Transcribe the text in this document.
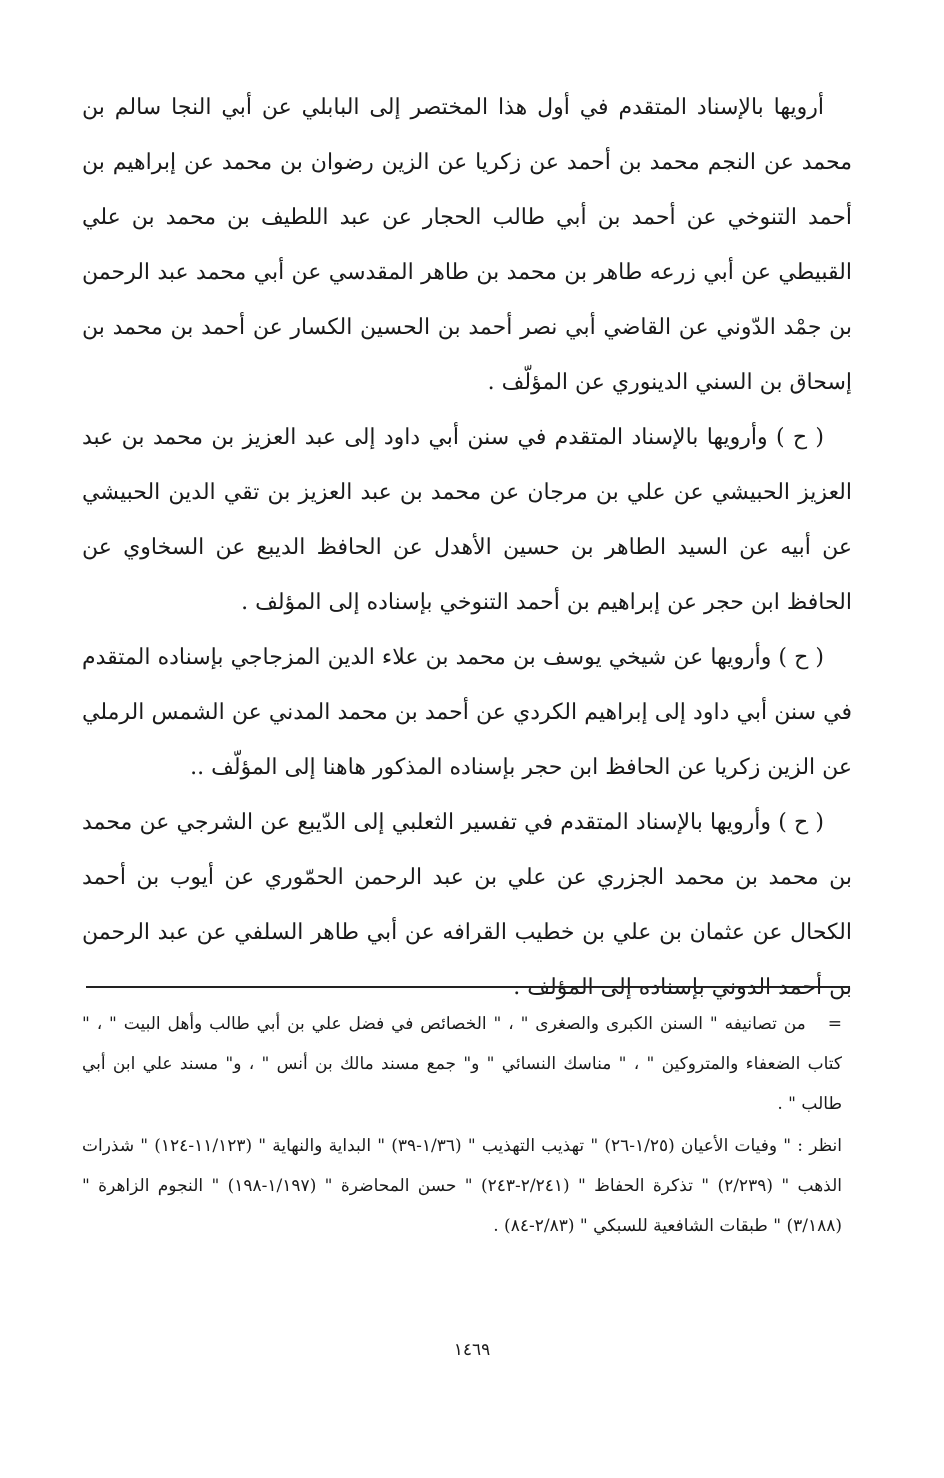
أرويها بالإسناد المتقدم في أول هذا المختصر إلى البابلي عن أبي النجا سالم بن محمد عن النجم محمد بن أحمد عن زكريا عن الزين رضوان بن محمد عن إبراهيم بن أحمد التنوخي عن أحمد بن أبي طالب الحجار عن عبد اللطيف بن محمد بن علي القبيطي عن أبي زرعه طاهر بن محمد بن طاهر المقدسي عن أبي محمد عبد الرحمن بن جمْد الدّوني عن القاضي أبي نصر أحمد بن الحسين الكسار عن أحمد بن محمد بن إسحاق بن السني الدينوري عن المؤلّف .

( ح ) وأرويها بالإسناد المتقدم في سنن أبي داود إلى عبد العزيز بن محمد بن عبد العزيز الحبيشي عن علي بن مرجان عن محمد بن عبد العزيز بن تقي الدين الحبيشي عن أبيه عن السيد الطاهر بن حسين الأهدل عن الحافظ الديبع عن السخاوي عن الحافظ ابن حجر عن إبراهيم بن أحمد التنوخي بإسناده إلى المؤلف .

( ح ) وأرويها عن شيخي يوسف بن محمد بن علاء الدين المزجاجي بإسناده المتقدم في سنن أبي داود إلى إبراهيم الكردي عن أحمد بن محمد المدني عن الشمس الرملي عن الزين زكريا عن الحافظ ابن حجر بإسناده المذكور هاهنا إلى المؤلّف ..

( ح ) وأرويها بالإسناد المتقدم في تفسير الثعلبي إلى الدّيبع عن الشرجي عن محمد بن محمد بن محمد الجزري عن علي بن عبد الرحمن الحمّوري عن أيوب بن أحمد الكحال عن عثمان بن علي بن خطيب القرافه عن أبي طاهر السلفي عن عبد الرحمن بن أحمد الدوني بإسناده إلى المؤلف .

=من تصانيفه " السنن الكبرى والصغرى " ، " الخصائص في فضل علي بن أبي طالب وأهل البيت " ، " كتاب الضعفاء والمتروكين " ، " مناسك النسائي " و" جمع مسند مالك بن أنس " ، و" مسند علي ابن أبي طالب " .

انظر : " وفيات الأعيان (١/٢٥-٢٦) " تهذيب التهذيب " (١/٣٦-٣٩) " البداية والنهاية " (١١/١٢٣-١٢٤) " شذرات الذهب " (٢/٢٣٩) " تذكرة الحفاظ " (٢/٢٤١-٢٤٣) " حسن المحاضرة " (١/١٩٧-١٩٨) " النجوم الزاهرة " (٣/١٨٨) " طبقات الشافعية للسبكي " (٢/٨٣-٨٤) .

١٤٦٩
